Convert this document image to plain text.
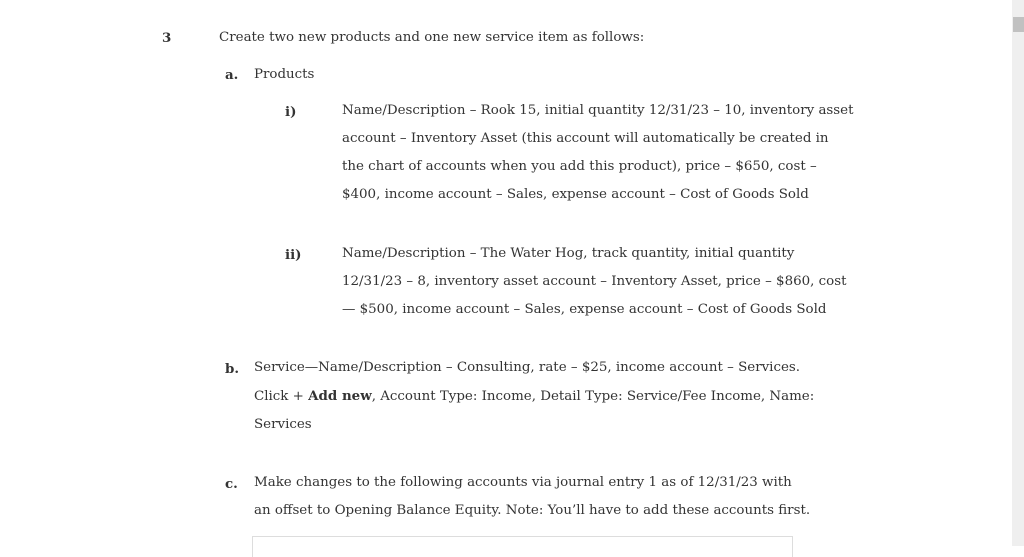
3	Create two new products and one new service item as follows:
a. Products
i)	Name/Description – Rook 15, initial quantity 12/31/23 – 10, inventory asset
account – Inventory Asset (this account will automatically be created in
the chart of accounts when you add this product), price – $650, cost –
$400, income account – Sales, expense account – Cost of Goods Sold
ii)	Name/Description – The Water Hog, track quantity, initial quantity
12/31/23 – 8, inventory asset account – Inventory Asset, price – $860, cost
— $500, income account – Sales, expense account – Cost of Goods Sold
b. Service—Name/Description – Consulting, rate – $25, income account – Services.
Click + Add new, Account Type: Income, Detail Type: Service/Fee Income, Name:
Services
c. Make changes to the following accounts via journal entry 1 as of 12/31/23 with
an offset to Opening Balance Equity. Note: You’ll have to add these accounts first.
